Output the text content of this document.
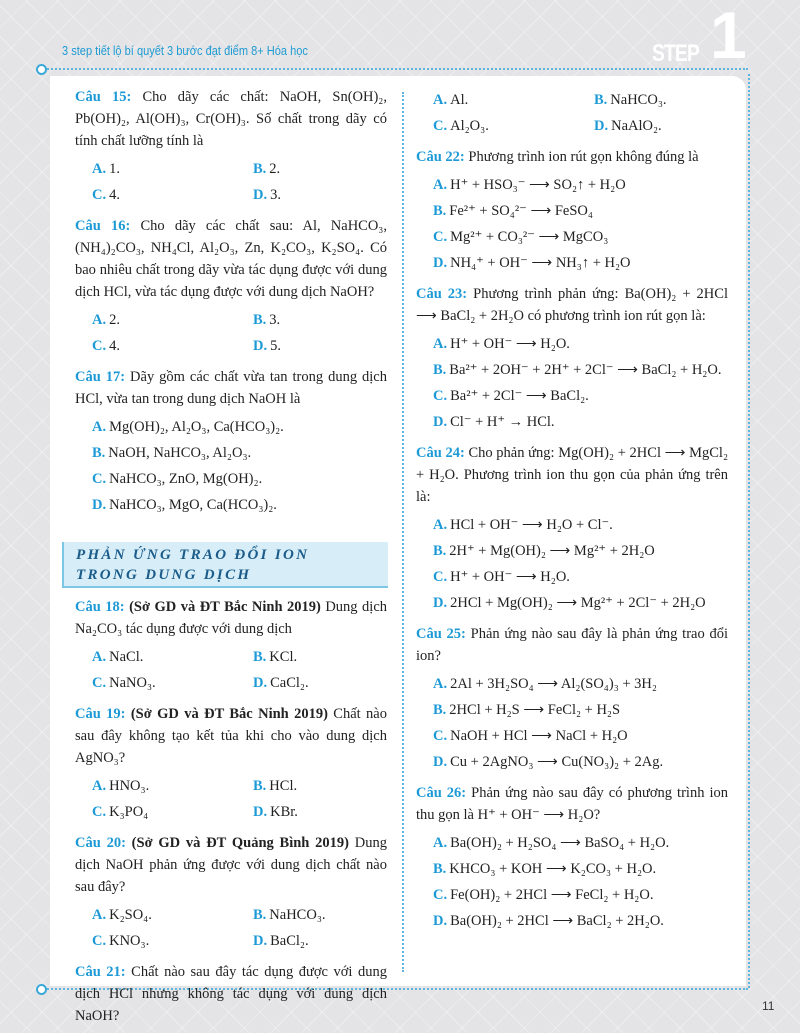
3 step tiết lộ bí quyết 3 bước đạt điểm 8+ Hóa học	STEP 1
Câu 15: Cho dãy các chất: NaOH, Sn(OH)₂, Pb(OH)₂, Al(OH)₃, Cr(OH)₃. Số chất trong dãy có tính chất lưỡng tính là
A. 1.	B. 2.
C. 4.	D. 3.
Câu 16: Cho dãy các chất sau: Al, NaHCO₃, (NH₄)₂CO₃, NH₄Cl, Al₂O₃, Zn, K₂CO₃, K₂SO₄. Có bao nhiêu chất trong dãy vừa tác dụng được với dung dịch HCl, vừa tác dụng được với dung dịch NaOH?
A. 2.	B. 3.
C. 4.	D. 5.
Câu 17: Dãy gồm các chất vừa tan trong dung dịch HCl, vừa tan trong dung dịch NaOH là
A. Mg(OH)₂, Al₂O₃, Ca(HCO₃)₂.
B. NaOH, NaHCO₃, Al₂O₃.
C. NaHCO₃, ZnO, Mg(OH)₂.
D. NaHCO₃, MgO, Ca(HCO₃)₂.
PHẢN ỨNG TRAO ĐỔI ION TRONG DUNG DỊCH
Câu 18: (Sở GD và ĐT Bắc Ninh 2019) Dung dịch Na₂CO₃ tác dụng được với dung dịch
A. NaCl.	B. KCl.
C. NaNO₃.	D. CaCl₂.
Câu 19: (Sở GD và ĐT Bắc Ninh 2019) Chất nào sau đây không tạo kết tủa khi cho vào dung dịch AgNO₃?
A. HNO₃.	B. HCl.
C. K₃PO₄	D. KBr.
Câu 20: (Sở GD và ĐT Quảng Bình 2019) Dung dịch NaOH phản ứng được với dung dịch chất nào sau đây?
A. K₂SO₄.	B. NaHCO₃.
C. KNO₃.	D. BaCl₂.
Câu 21: Chất nào sau đây tác dụng được với dung dịch HCl nhưng không tác dụng với dung dịch NaOH?
A. Al.	B. NaHCO₃.
C. Al₂O₃.	D. NaAlO₂.
Câu 22: Phương trình ion rút gọn không đúng là
A. H⁺ + HSO₃⁻ ⟶ SO₂↑ + H₂O
B. Fe²⁺ + SO₄²⁻ ⟶ FeSO₄
C. Mg²⁺ + CO₃²⁻ ⟶ MgCO₃
D. NH₄⁺ + OH⁻ ⟶ NH₃↑ + H₂O
Câu 23: Phương trình phản ứng: Ba(OH)₂ + 2HCl ⟶ BaCl₂ + 2H₂O có phương trình ion rút gọn là:
A. H⁺ + OH⁻ ⟶ H₂O.
B. Ba²⁺ + 2OH⁻ + 2H⁺ + 2Cl⁻ ⟶ BaCl₂ + H₂O.
C. Ba²⁺ + 2Cl⁻ ⟶ BaCl₂.
D. Cl⁻ + H⁺ → HCl.
Câu 24: Cho phản ứng: Mg(OH)₂ + 2HCl ⟶ MgCl₂ + H₂O. Phương trình ion thu gọn của phản ứng trên là:
A. HCl + OH⁻ ⟶ H₂O + Cl⁻.
B. 2H⁺ + Mg(OH)₂ ⟶ Mg²⁺ + 2H₂O
C. H⁺ + OH⁻ ⟶ H₂O.
D. 2HCl + Mg(OH)₂ ⟶ Mg²⁺ + 2Cl⁻ + 2H₂O
Câu 25: Phản ứng nào sau đây là phản ứng trao đổi ion?
A. 2Al + 3H₂SO₄ ⟶ Al₂(SO₄)₃ + 3H₂
B. 2HCl + H₂S ⟶ FeCl₂ + H₂S
C. NaOH + HCl ⟶ NaCl + H₂O
D. Cu + 2AgNO₃ ⟶ Cu(NO₃)₂ + 2Ag.
Câu 26: Phản ứng nào sau đây có phương trình ion thu gọn là H⁺ + OH⁻ ⟶ H₂O?
A. Ba(OH)₂ + H₂SO₄ ⟶ BaSO₄ + H₂O.
B. KHCO₃ + KOH ⟶ K₂CO₃ + H₂O.
C. Fe(OH)₂ + 2HCl ⟶ FeCl₂ + H₂O.
D. Ba(OH)₂ + 2HCl ⟶ BaCl₂ + 2H₂O.
11
